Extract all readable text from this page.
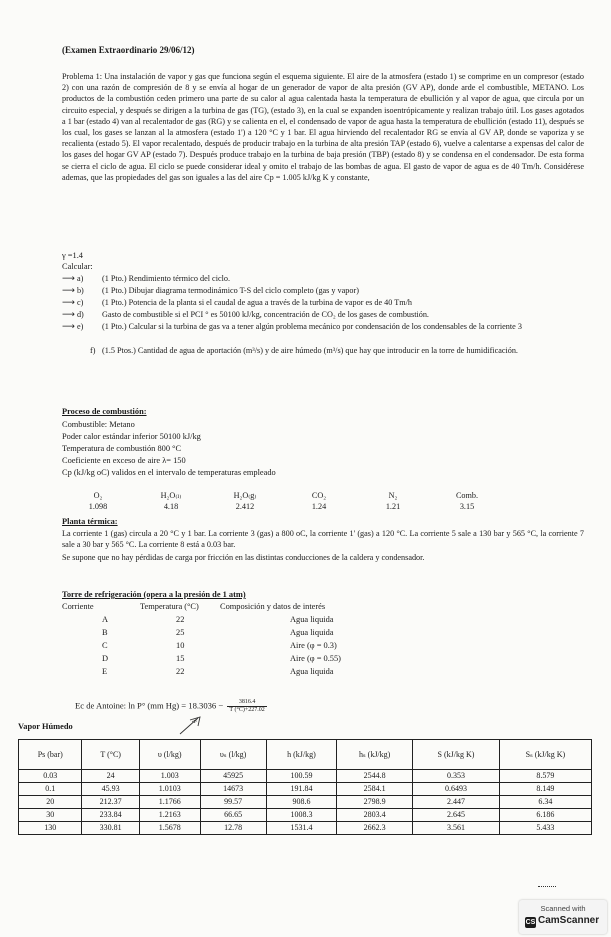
(Examen Extraordinario 29/06/12)
Problema 1: Una instalación de vapor y gas que funciona según el esquema siguiente. El aire de la atmosfera (estado 1) se comprime en un compresor (estado 2) con una razón de compresión de 8 y se envía al hogar de un generador de vapor de alta presión (GV AP), donde arde el combustible, METANO. Los productos de la combustión ceden primero una parte de su calor al agua calentada hasta la temperatura de ebullición y al vapor de agua, que circula por un circuito especial, y después se dirigen a la turbina de gas (TG), (estado 3), en la cual se expanden isoentrópicamente y realizan trabajo útil. Los gases agotados a 1 bar (estado 4) van al recalentador de gas (RG) y se calienta en el, el condensado de vapor de agua hasta la temperatura de ebullición (estado 11), después se los cual, los gases se lanzan al la atmosfera (estado 1') a 120 °C y 1 bar. El agua hirviendo del recalentador RG se envía al GV AP, donde se vaporiza y se recalienta (estado 5). El vapor recalentado, después de producir trabajo en la turbina de alta presión TAP (estado 6), vuelve a calentarse a expensas del calor de los gases del hogar GV AP (estado 7). Después produce trabajo en la turbina de baja presión (TBP) (estado 8) y se condensa en el condensador. De esta forma se cierra el ciclo de agua. El ciclo se puede considerar ideal y omito el trabajo de las bombas de agua. El gasto de vapor de agua es de 40 Tm/h. Considérese ademas, que las propiedades del gas son iguales a las del aire Cp = 1.005 kJ/kg K y constante,
γ =1.4
Calcular:
⟶ a) (1 Pto.) Rendimiento térmico del ciclo.
⟶ b) (1 Pto.) Dibujar diagrama termodinámico T-S del ciclo completo (gas y vapor)
⟶ c) (1 Pto.) Potencia de la planta si el caudal de agua a través de la turbina de vapor es de 40 Tm/h
⟶ d) Gasto de combustible si el PCI ° es 50100 kJ/kg, concentración de CO₂ de los gases de combustión.
⟶ e) (1 Pto.) Calcular si la turbina de gas va a tener algún problema mecánico por condensación de los condensables de la corriente 3
f) (1.5 Ptos.) Cantidad de agua de aportación (m³/s) y de aire húmedo (m³/s) que hay que introducir en la torre de humidificación.
Proceso de combustión:
Combustible: Metano
Poder calor estándar inferior 50100 kJ/kg
Temperatura de combustión 800 °C
Coeficiente en exceso de aire λ= 150
Cp (kJ/kg oC) validos en el intervalo de temperaturas empleado
O₂	H₂O₍ₗ₎	H₂O₍g₎	CO₂	N₂	Comb.
1.098	4.18	2.412	1.24	1.21	3.15
Planta térmica:
La corriente 1 (gas) circula a 20 °C y 1 bar. La corriente 3 (gas) a 800 oC, la corriente 1' (gas) a 120 °C. La corriente 5 sale a 130 bar y 565 °C, la corriente 7 sale a 30 bar y 565 °C. La corriente 8 está a 0.03 bar.
Se supone que no hay pérdidas de carga por fricción en las distintas conducciones de la caldera y condensador.
Torre de refrigeración (opera a la presión de 1 atm)
Corriente	Temperatura (°C)	Composición y datos de interés
A	22	Agua liquida
B	25	Agua liquida
C	10	Aire (φ = 0.3)
D	15	Aire (φ = 0.55)
E	22	Agua liquida
Ec de Antoine: ln P° (mm $Hg) = 18.3036 - \frac{3816.4}{T (^\circ C)+227.02}$
Vapor Húmedo
w
Ps (bar)	T (°C)	υ (l/kg)	υₛ (l/kg)	h (kJ/kg)	hₛ (kJ/kg)	S (kJ/kg K)	Sₛ (kJ/kg K)
0.03	24	1.003	45925	100.59	2544.8	0.353	8.579
0.1	45.93	1.0103	14673	191.84	2584.1	0.6493	8.149
20	212.37	1.1766	99.57	908.6	2798.9	2.447	6.34
30	233.84	1.2163	66.65	1008.3	2803.4	2.645	6.186
130	330.81	1.5678	12.78	1531.4	2662.3	3.561	5.433
Scanned with
CS CamScanner
